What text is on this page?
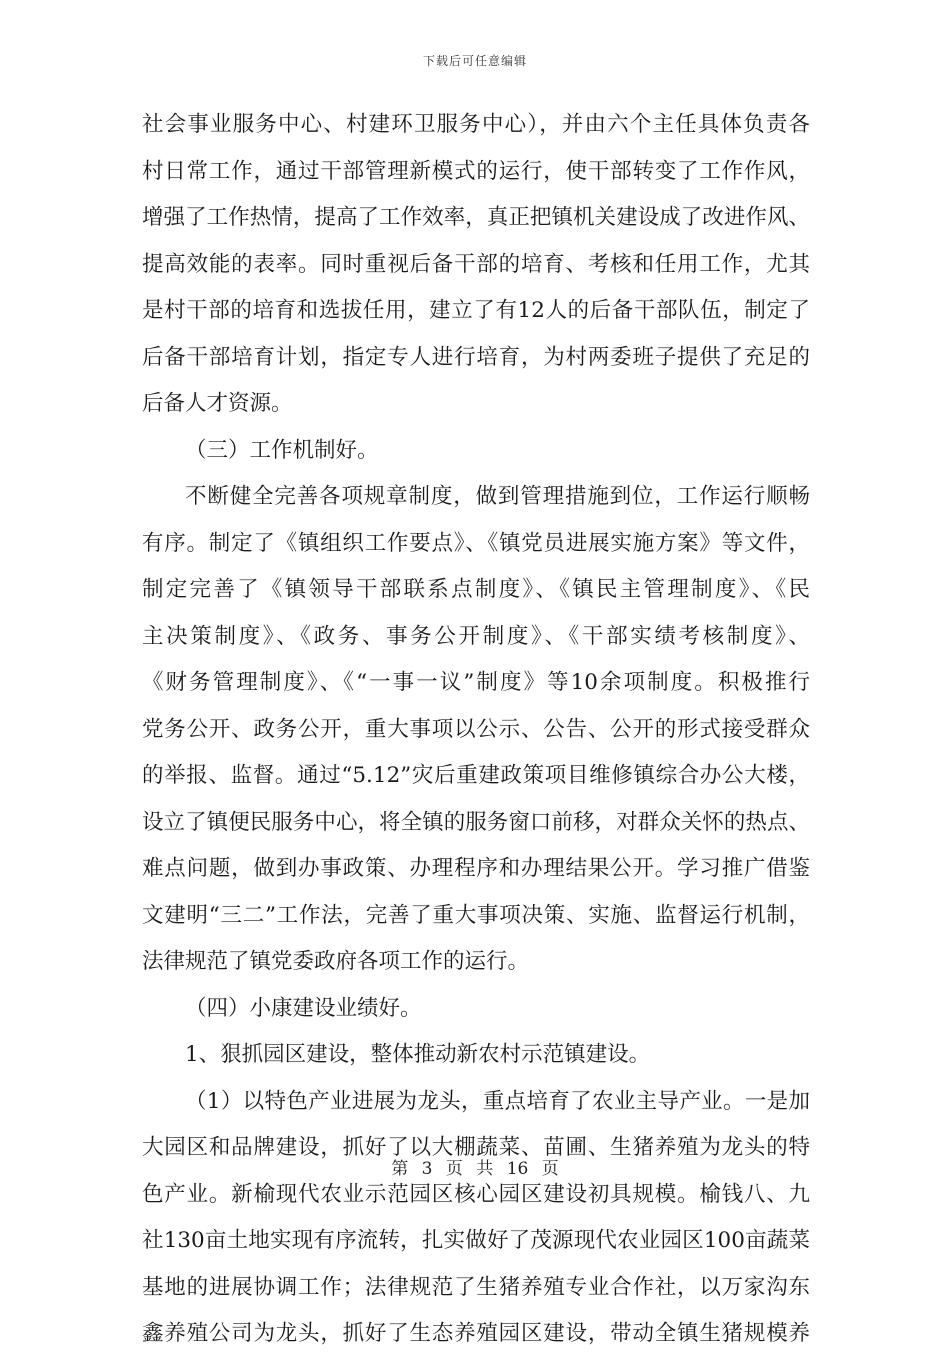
下载后可任意编辑
社会事业服务中心、村建环卫服务中心），并由六个主任具体负责各
村日常工作，通过干部管理新模式的运行，使干部转变了工作作风，
增强了工作热情，提高了工作效率，真正把镇机关建设成了改进作风、
提高效能的表率。同时重视后备干部的培育、考核和任用工作，尤其
是村干部的培育和选拔任用，建立了有12人的后备干部队伍，制定了
后备干部培育计划，指定专人进行培育，为村两委班子提供了充足的
后备人才资源。
（三）工作机制好。
不断健全完善各项规章制度，做到管理措施到位，工作运行顺畅
有序。制定了《镇组织工作要点》、《镇党员进展实施方案》等文件，
制定完善了《镇领导干部联系点制度》、《镇民主管理制度》、《民
主决策制度》、《政务、事务公开制度》、《干部实绩考核制度》、
《财务管理制度》、《“一事一议”制度》等10余项制度。积极推行
党务公开、政务公开，重大事项以公示、公告、公开的形式接受群众
的举报、监督。通过“5.12”灾后重建政策项目维修镇综合办公大楼，
设立了镇便民服务中心，将全镇的服务窗口前移，对群众关怀的热点、
难点问题，做到办事政策、办理程序和办理结果公开。学习推广借鉴
文建明“三二”工作法，完善了重大事项决策、实施、监督运行机制，
法律规范了镇党委政府各项工作的运行。
（四）小康建设业绩好。
1、狠抓园区建设，整体推动新农村示范镇建设。
（1）以特色产业进展为龙头，重点培育了农业主导产业。一是加
大园区和品牌建设，抓好了以大棚蔬菜、苗圃、生猪养殖为龙头的特
色产业。新榆现代农业示范园区核心园区建设初具规模。榆钱八、九
社130亩土地实现有序流转，扎实做好了茂源现代农业园区100亩蔬菜
基地的进展协调工作；法律规范了生猪养殖专业合作社，以万家沟东
鑫养殖公司为龙头，抓好了生态养殖园区建设，带动全镇生猪规模养
第 3 页 共 16 页
